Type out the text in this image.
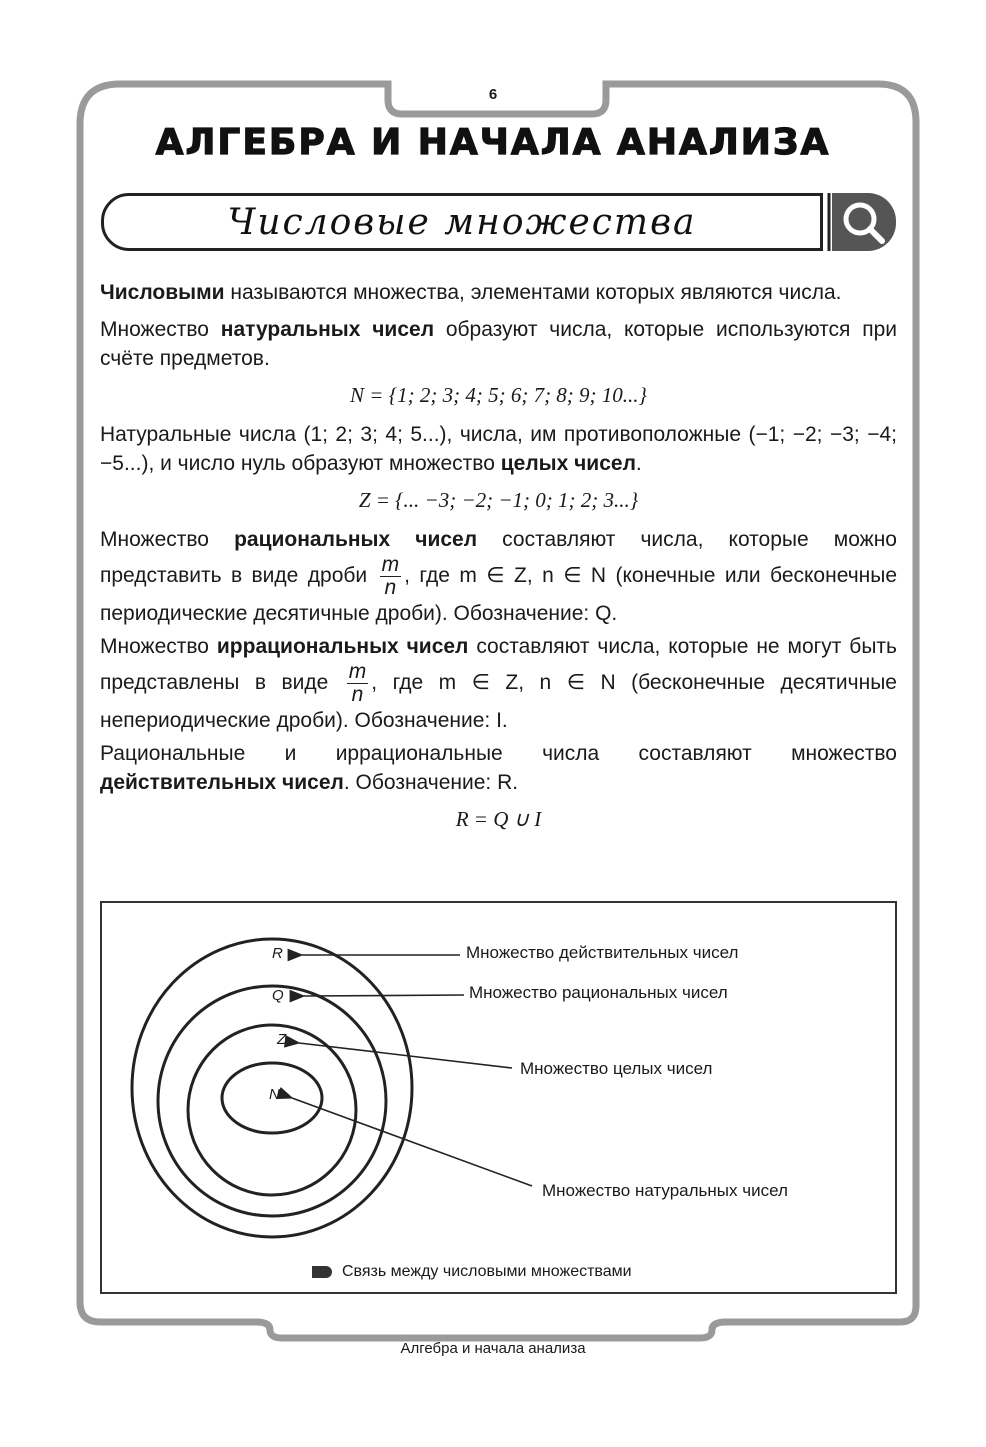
6
АЛГЕБРА И НАЧАЛА АНАЛИЗА
Числовые множества

Числовыми называются множества, элементами которых являются числа.

Множество натуральных чисел образуют числа, которые используются при счёте предметов.

N = {1; 2; 3; 4; 5; 6; 7; 8; 9; 10...}

Натуральные числа (1; 2; 3; 4; 5...), числа, им противоположные (−1; −2; −3; −4; −5...), и число нуль образуют множество целых чисел.

Z = {... −3; −2; −1; 0; 1; 2; 3...}

Множество рациональных чисел составляют числа, которые можно представить в виде дроби $\frac{m}{n}$ , где m ∈ Z, n ∈ N (конечные или бесконечные периодические десятичные дроби). Обозначение: Q.

Множество иррациональных чисел составляют числа, которые не могут быть представлены в виде $\frac{m}{n}$ , где m ∈ Z, n ∈ N (бесконечные десятичные непериодические дроби). Обозначение: I.

Рациональные и иррациональные числа составляют множество действительных чисел. Обозначение: R.

R = Q ∪ I
R
Q
Z
N
Множество действительных чисел
Множество рациональных чисел
Множество целых чисел
Множество натуральных чисел
Связь между числовыми множествами
Алгебра и начала анализа
